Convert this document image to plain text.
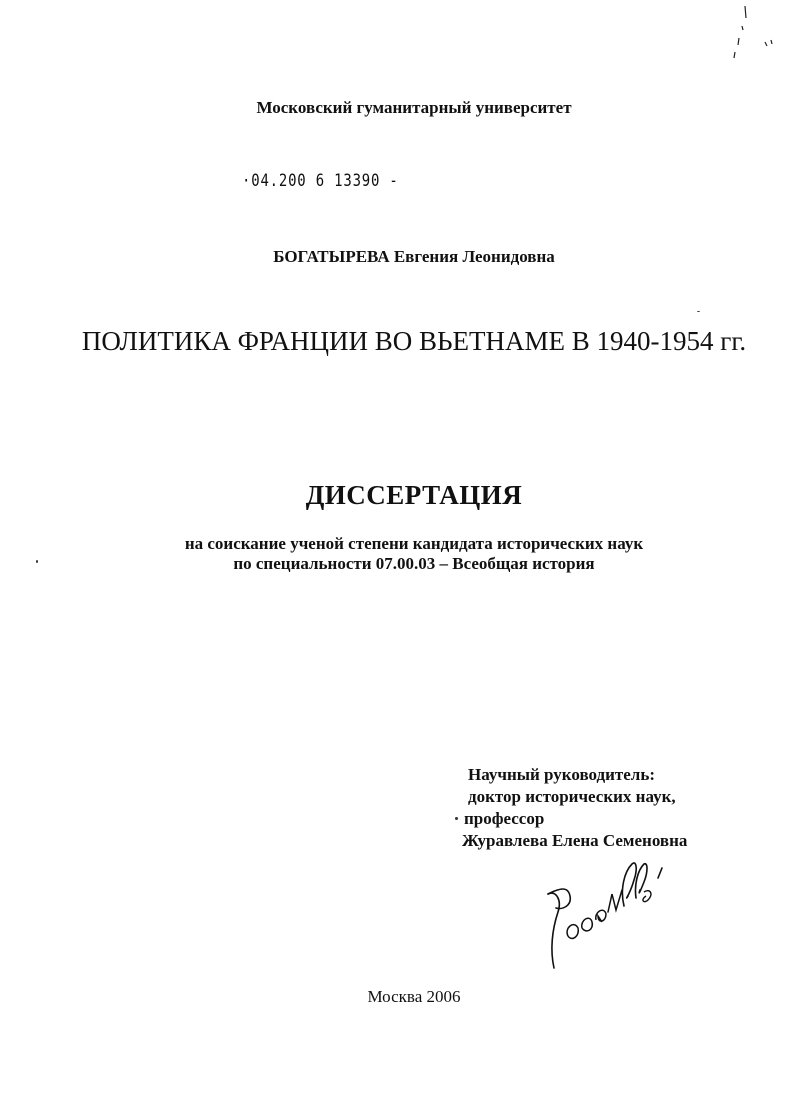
Московский гуманитарный университет
·04.200 6 13390 -
БОГАТЫРЕВА Евгения Леонидовна
ПОЛИТИКА ФРАНЦИИ ВО ВЬЕТНАМЕ В 1940-1954 гг.
ДИССЕРТАЦИЯ
на соискание ученой степени кандидата исторических наук
по специальности 07.00.03 – Всеобщая история
Научный руководитель:
доктор исторических наук,
профессор
Журавлева Елена Семеновна
Москва 2006
